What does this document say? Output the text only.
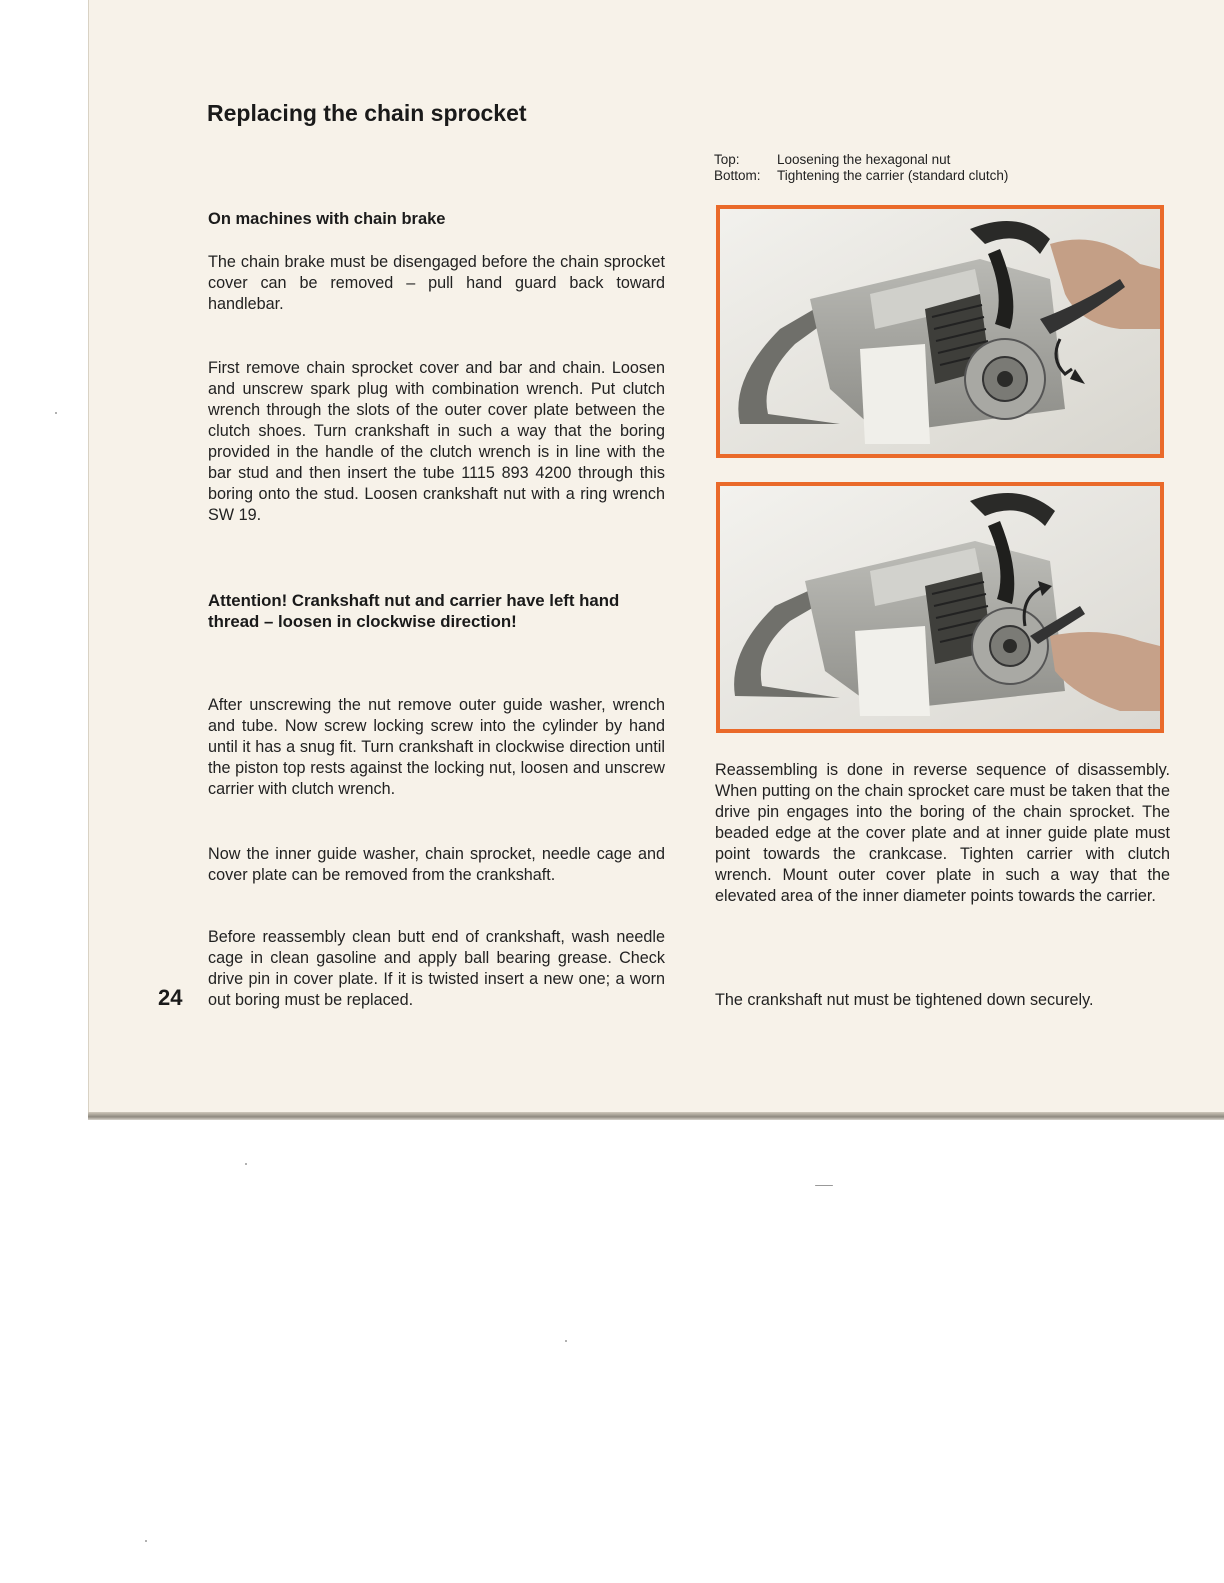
Replacing the chain sprocket
Top:	Loosening the hexagonal nut
Bottom: Tightening the carrier (standard clutch)
On machines with chain brake

The chain brake must be disengaged before the chain sprocket cover can be removed – pull hand guard back toward handlebar.

First remove chain sprocket cover and bar and chain. Loosen and unscrew spark plug with combination wrench. Put clutch wrench through the slots of the outer cover plate between the clutch shoes. Turn crankshaft in such a way that the boring provided in the handle of the clutch wrench is in line with the bar stud and then insert the tube 1115 893 4200 through this boring onto the stud. Loosen crankshaft nut with a ring wrench SW 19.

Attention! Crankshaft nut and carrier have left hand thread – loosen in clockwise direction!

After unscrewing the nut remove outer guide washer, wrench and tube. Now screw locking screw into the cylinder by hand until it has a snug fit. Turn crankshaft in clockwise direction until the piston top rests against the locking nut, loosen and unscrew carrier with clutch wrench.

Now the inner guide washer, chain sprocket, needle cage and cover plate can be removed from the crankshaft.

Before reassembly clean butt end of crankshaft, wash needle cage in clean gasoline and apply ball bearing grease. Check drive pin in cover plate. If it is twisted insert a new one; a worn out boring must be replaced.

24

Reassembling is done in reverse sequence of disassembly. When putting on the chain sprocket care must be taken that the drive pin engages into the boring of the chain sprocket. The beaded edge at the cover plate and at inner guide plate must point towards the crankcase. Tighten carrier with clutch wrench. Mount outer cover plate in such a way that the elevated area of the inner diameter points towards the carrier.

The crankshaft nut must be tightened down securely.
